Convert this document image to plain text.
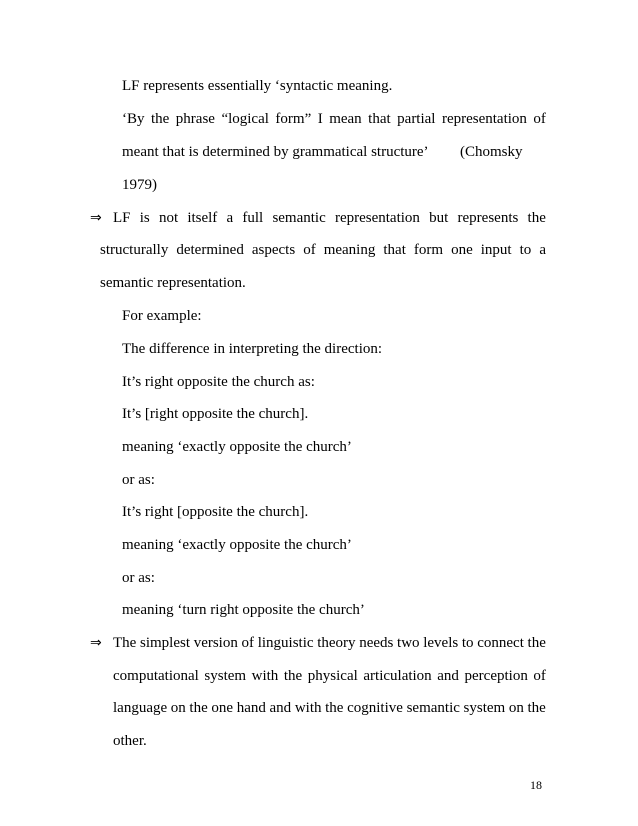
LF represents essentially ‘syntactic meaning.
‘By the phrase “logical form” I mean that partial representation of
meant that is determined by grammatical structure’ (Chomsky
1979)
⇒ LF is not itself a full semantic representation but represents the
structurally determined aspects of meaning that form one input to a
semantic representation.
For example:
The difference in interpreting the direction:
It’s right opposite the church as:
It’s [right opposite the church].
meaning ‘exactly opposite the church’
or as:
It’s right [opposite the church].
meaning ‘exactly opposite the church’
or as:
meaning ‘turn right opposite the church’
⇒ The simplest version of linguistic theory needs two levels to connect the
computational system with the physical articulation and perception of
language on the one hand and with the cognitive semantic system on the
other.
18
